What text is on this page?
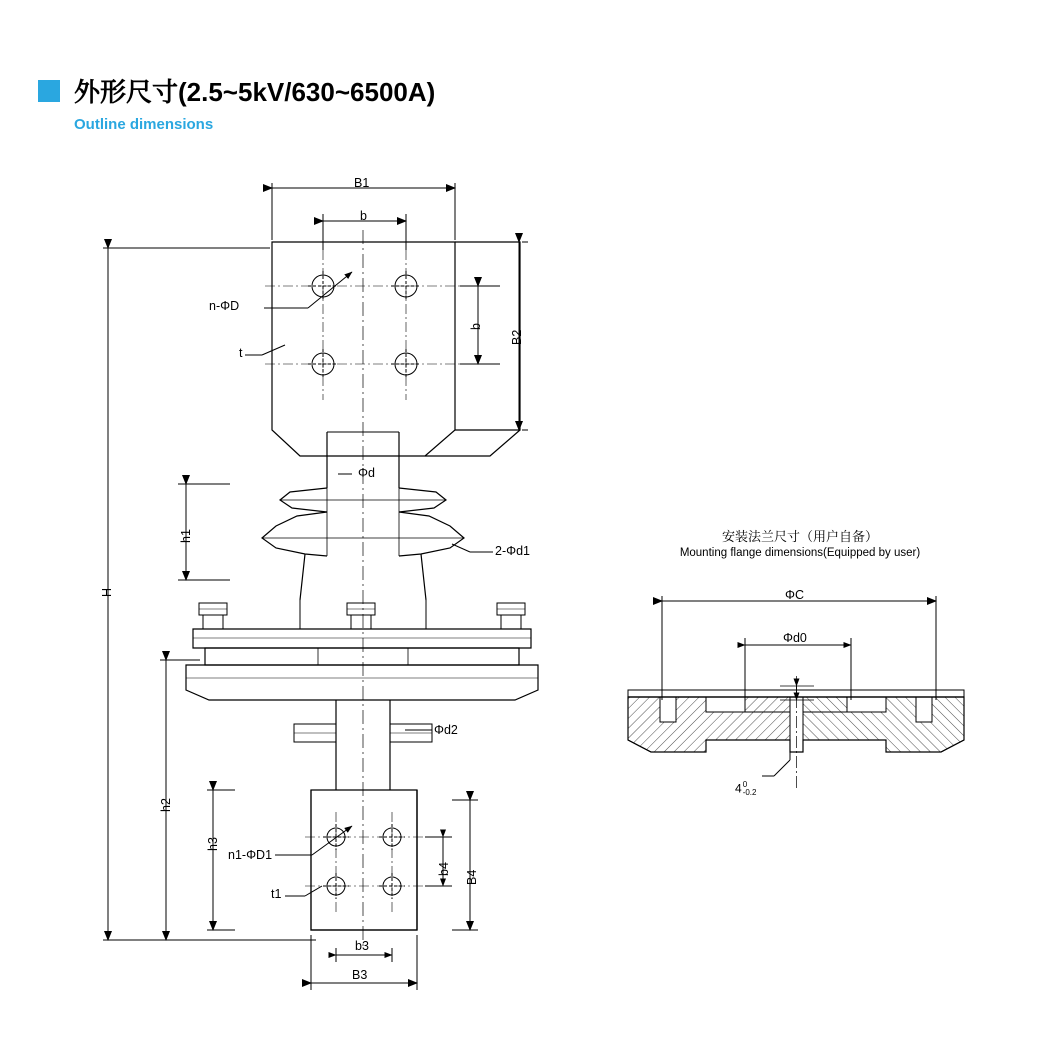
外形尺寸(2.5~5kV/630~6500A)
Outline dimensions
B1
b
B2
b
n-ΦD
t
Φd
h1
2-Φd1
H
Φd2
h2
h3
n1-ΦD1
t1
b4
B4
b3
B3
安装法兰尺寸（用户自备）
Mounting flange dimensions(Equipped by user)
ΦC
Φd0
4 0
-0.2
